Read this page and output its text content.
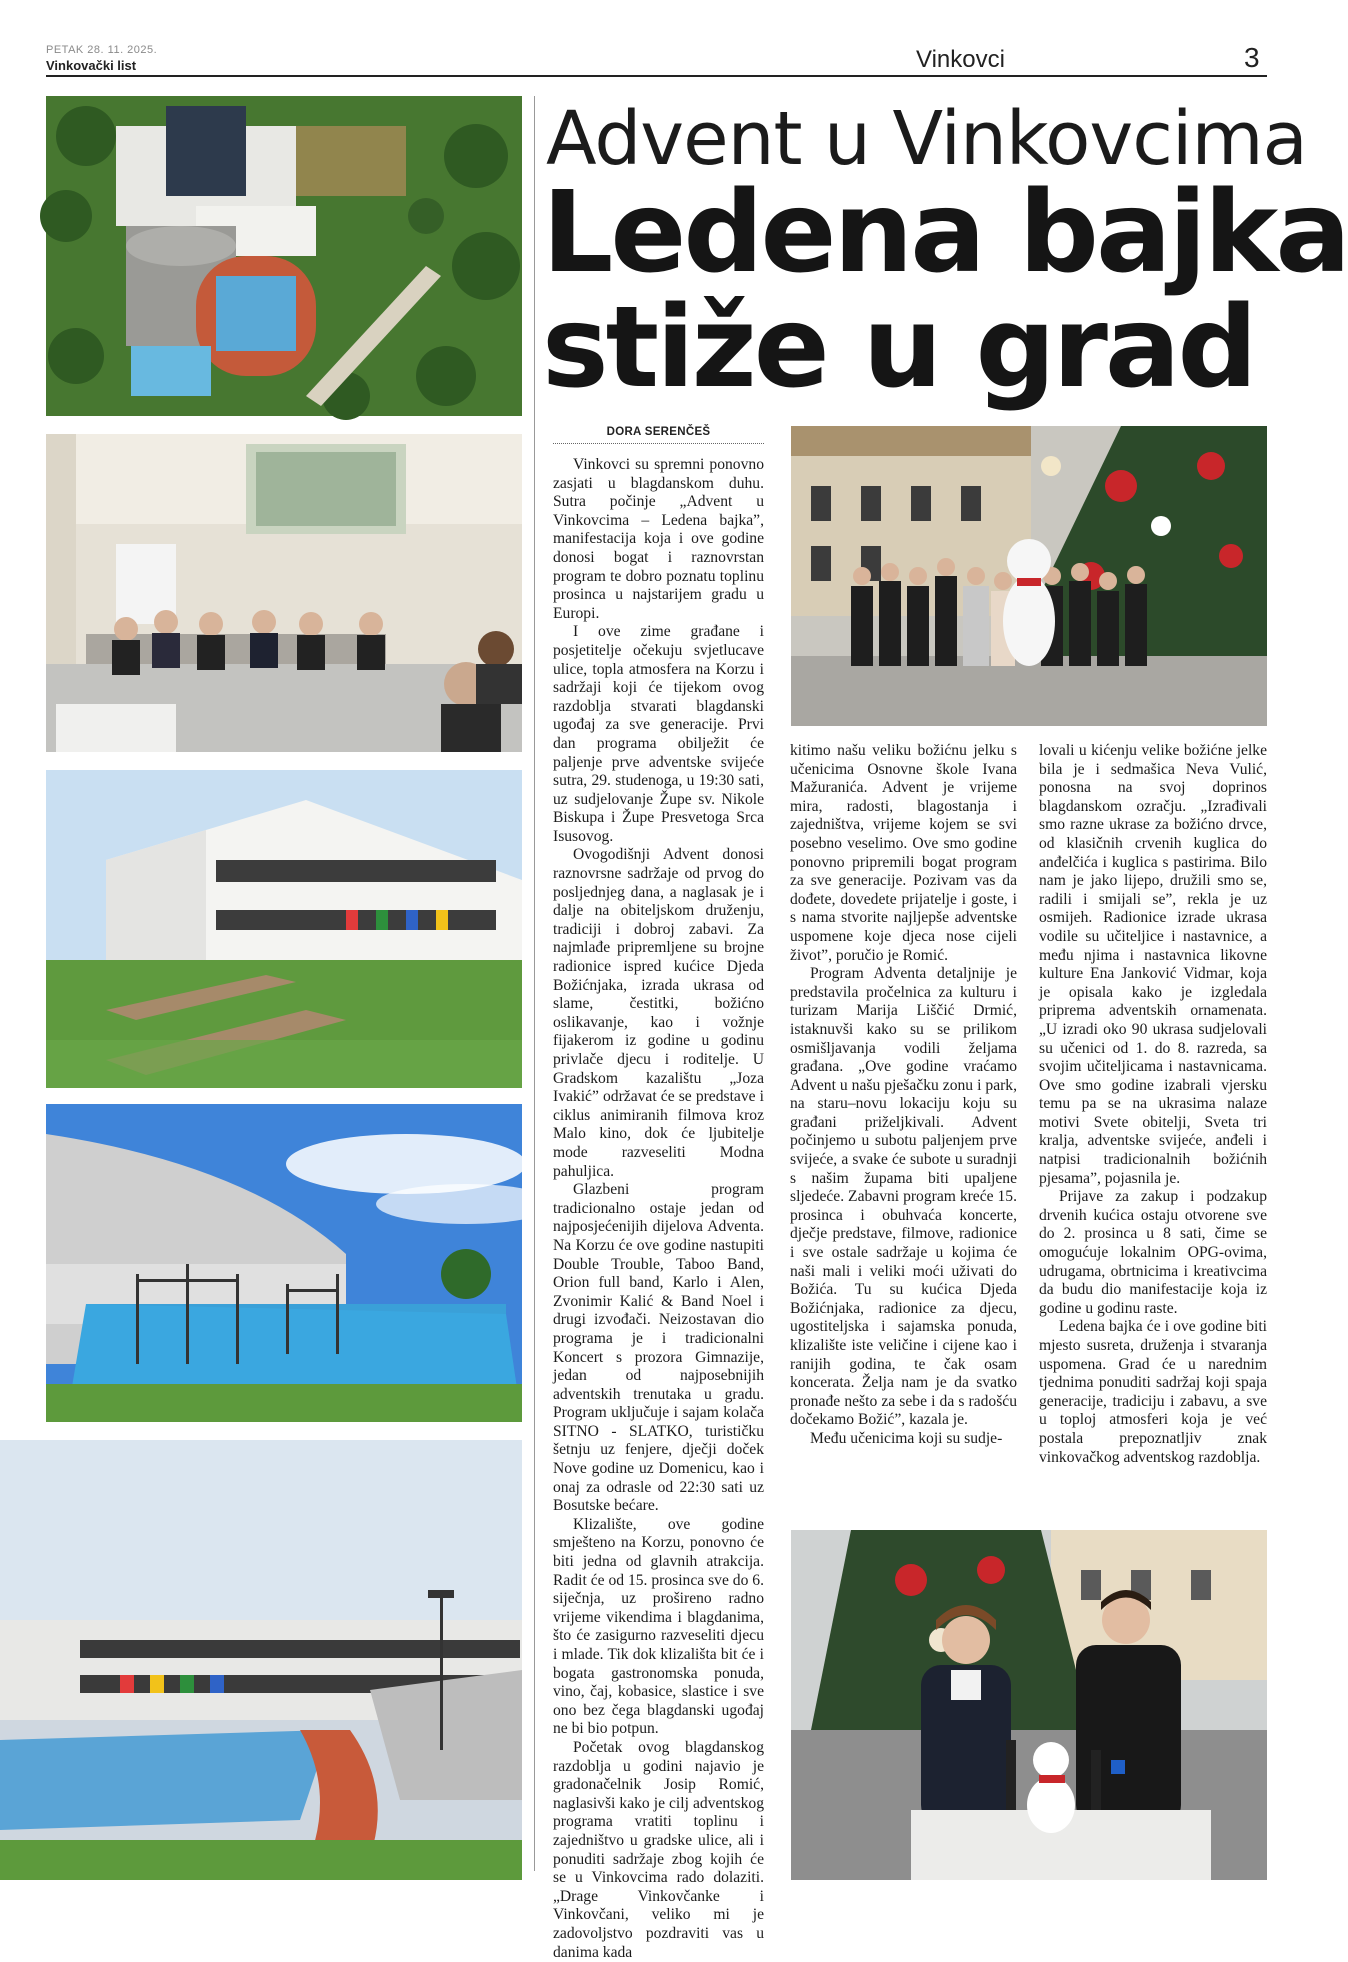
PETAK 28. 11. 2025.
Vinkovački list	Vinkovci	3
Advent u Vinkovcima
Ledena bajka
stiže u grad
DORA SERENČEŠ

Vinkovci su spremni ponovno zasjati u blagdanskom duhu. Sutra počinje „Advent u Vinkovcima – Ledena bajka”, manifestacija koja i ove godine donosi bogat i raznovrstan program te dobro poznatu toplinu prosinca u najstarijem gradu u Europi.

I ove zime građane i posjetitelje očekuju svjetlucave ulice, topla atmosfera na Korzu i sadržaji koji će tijekom ovog razdoblja stvarati blagdanski ugođaj za sve generacije. Prvi dan programa obilježit će paljenje prve adventske svijeće sutra, 29. studenoga, u 19:30 sati, uz sudjelovanje Župe sv. Nikole Biskupa i Župe Presvetoga Srca Isusovog.

Ovogodišnji Advent donosi raznovrsne sadržaje od prvog do posljednjeg dana, a naglasak je i dalje na obiteljskom druženju, tradiciji i dobroj zabavi. Za najmlađe pripremljene su brojne radionice ispred kućice Djeda Božićnjaka, izrada ukrasa od slame, čestitki, božićno oslikavanje, kao i vožnje fijakerom iz godine u godinu privlače djecu i roditelje. U Gradskom kazalištu „Joza Ivakić” održavat će se predstave i ciklus animiranih filmova kroz Malo kino, dok će ljubitelje mode razveseliti Modna pahuljica.

Glazbeni program tradicionalno ostaje jedan od najposjećenijih dijelova Adventa. Na Korzu će ove godine nastupiti Double Trouble, Taboo Band, Orion full band, Karlo i Alen, Zvonimir Kalić & Band Noel i drugi izvođači. Neizostavan dio programa je i tradicionalni Koncert s prozora Gimnazije, jedan od najposebnijih adventskih trenutaka u gradu. Program uključuje i sajam kolača SITNO - SLATKO, turističku šetnju uz fenjere, dječji doček Nove godine uz Domenicu, kao i onaj za odrasle od 22:30 sati uz Bosutske bećare.

Klizalište, ove godine smješteno na Korzu, ponovno će biti jedna od glavnih atrakcija. Radit će od 15. prosinca sve do 6. siječnja, uz prošireno radno vrijeme vikendima i blagdanima, što će zasigurno razveseliti djecu i mlade. Tik dok klizališta bit će i bogata gastronomska ponuda, vino, čaj, kobasice, slastice i sve ono bez čega blagdanski ugođaj ne bi bio potpun.

Početak ovog blagdanskog razdoblja u godini najavio je gradonačelnik Josip Romić, naglasivši kako je cilj adventskog programa vratiti toplinu i zajedništvo u gradske ulice, ali i ponuditi sadržaje zbog kojih će se u Vinkovcima rado dolaziti. „Drage Vinkovčanke i Vinkovčani, veliko mi je zadovoljstvo pozdraviti vas u danima kada

kitimo našu veliku božićnu jelku s učenicima Osnovne škole Ivana Mažuranića. Advent je vrijeme mira, radosti, blagostanja i zajedništva, vrijeme kojem se svi posebno veselimo. Ove smo godine ponovno pripremili bogat program za sve generacije. Pozivam vas da dođete, dovedete prijatelje i goste, i s nama stvorite najljepše adventske uspomene koje djeca nose cijeli život”, poručio je Romić.

Program Adventa detaljnije je predstavila pročelnica za kulturu i turizam Marija Liščić Drmić, istaknuvši kako su se prilikom osmišljavanja vodili željama građana. „Ove godine vraćamo Advent u našu pješačku zonu i park, na staru–novu lokaciju koju su građani priželjkivali. Advent počinjemo u subotu paljenjem prve svijeće, a svake će subote u suradnji s našim župama biti upaljene sljedeće. Zabavni program kreće 15. prosinca i obuhvaća koncerte, dječje predstave, filmove, radionice i sve ostale sadržaje u kojima će naši mali i veliki moći uživati do Božića. Tu su kućica Djeda Božićnjaka, radionice za djecu, ugostiteljska i sajamska ponuda, klizalište iste veličine i cijene kao i ranijih godina, te čak osam koncerata. Želja nam je da svatko pronađe nešto za sebe i da s radošću dočekamo Božić”, kazala je.

Među učenicima koji su sudje-

lovali u kićenju velike božićne jelke bila je i sedmašica Neva Vulić, ponosna na svoj doprinos blagdanskom ozračju. „Izrađivali smo razne ukrase za božićno drvce, od klasičnih crvenih kuglica do anđelčića i kuglica s pastirima. Bilo nam je jako lijepo, družili smo se, radili i smijali se”, rekla je uz osmijeh. Radionice izrade ukrasa vodile su učiteljice i nastavnice, a među njima i nastavnica likovne kulture Ena Janković Vidmar, koja je opisala kako je izgledala priprema adventskih ornamenata. „U izradi oko 90 ukrasa sudjelovali su učenici od 1. do 8. razreda, sa svojim učiteljicama i nastavnicama. Ove smo godine izabrali vjersku temu pa se na ukrasima nalaze motivi Svete obitelji, Sveta tri kralja, adventske svijeće, anđeli i natpisi tradicionalnih božićnih pjesama”, pojasnila je.

Prijave za zakup i podzakup drvenih kućica ostaju otvorene sve do 2. prosinca u 8 sati, čime se omogućuje lokalnim OPG-ovima, udrugama, obrtnicima i kreativcima da budu dio manifestacije koja iz godine u godinu raste.

Ledena bajka će i ove godine biti mjesto susreta, druženja i stvaranja uspomena. Grad će u narednim tjednima ponuditi sadržaj koji spaja generacije, tradiciju i zabavu, a sve u toploj atmosferi koja je već postala prepoznatljiv znak vinkovačkog adventskog razdoblja.
